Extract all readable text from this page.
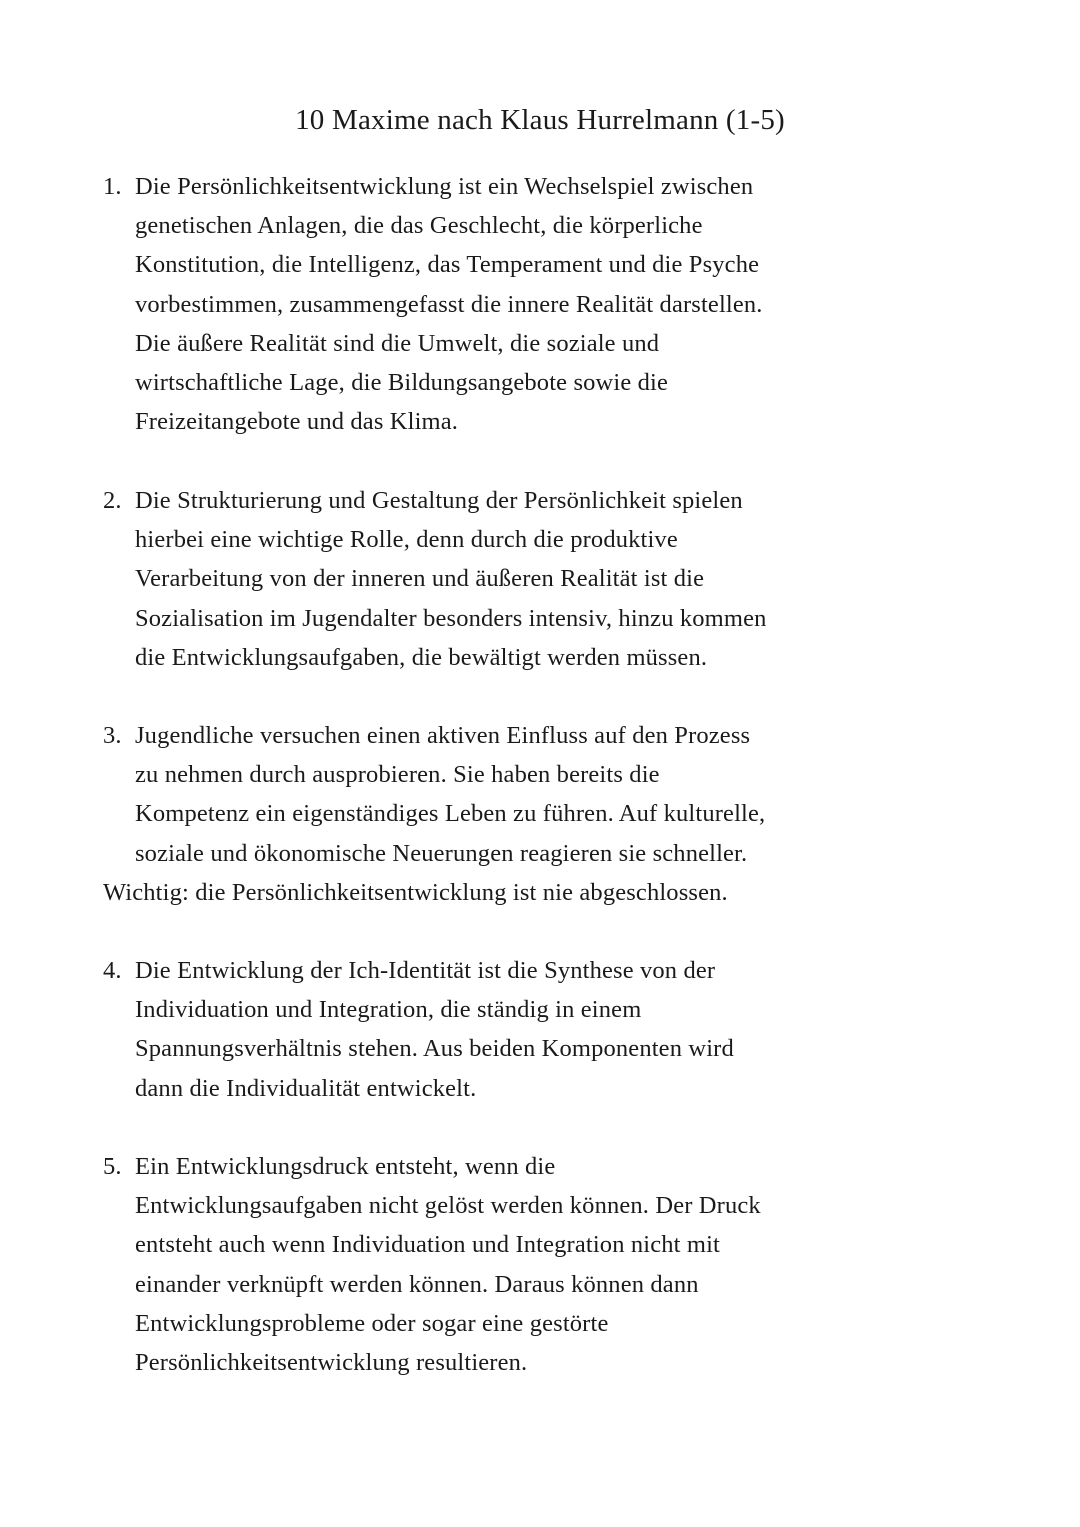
10 Maxime nach Klaus Hurrelmann (1-5)
1. Die Persönlichkeitsentwicklung ist ein Wechselspiel zwischen
genetischen Anlagen, die das Geschlecht, die körperliche
Konstitution, die Intelligenz, das Temperament und die Psyche
vorbestimmen, zusammengefasst die innere Realität darstellen.
Die äußere Realität sind die Umwelt, die soziale und
wirtschaftliche Lage, die Bildungsangebote sowie die
Freizeitangebote und das Klima.
2. Die Strukturierung und Gestaltung der Persönlichkeit spielen
hierbei eine wichtige Rolle, denn durch die produktive
Verarbeitung von der inneren und äußeren Realität ist die
Sozialisation im Jugendalter besonders intensiv, hinzu kommen
die Entwicklungsaufgaben, die bewältigt werden müssen.
3. Jugendliche versuchen einen aktiven Einfluss auf den Prozess
zu nehmen durch ausprobieren. Sie haben bereits die
Kompetenz ein eigenständiges Leben zu führen. Auf kulturelle,
soziale und ökonomische Neuerungen reagieren sie schneller.

Wichtig: die Persönlichkeitsentwicklung ist nie abgeschlossen.

4. Die Entwicklung der Ich-Identität ist die Synthese von der
Individuation und Integration, die ständig in einem
Spannungsverhältnis stehen. Aus beiden Komponenten wird
dann die Individualität entwickelt.
5. Ein Entwicklungsdruck entsteht, wenn die
Entwicklungsaufgaben nicht gelöst werden können. Der Druck
entsteht auch wenn Individuation und Integration nicht mit
einander verknüpft werden können. Daraus können dann
Entwicklungsprobleme oder sogar eine gestörte
Persönlichkeitsentwicklung resultieren.
